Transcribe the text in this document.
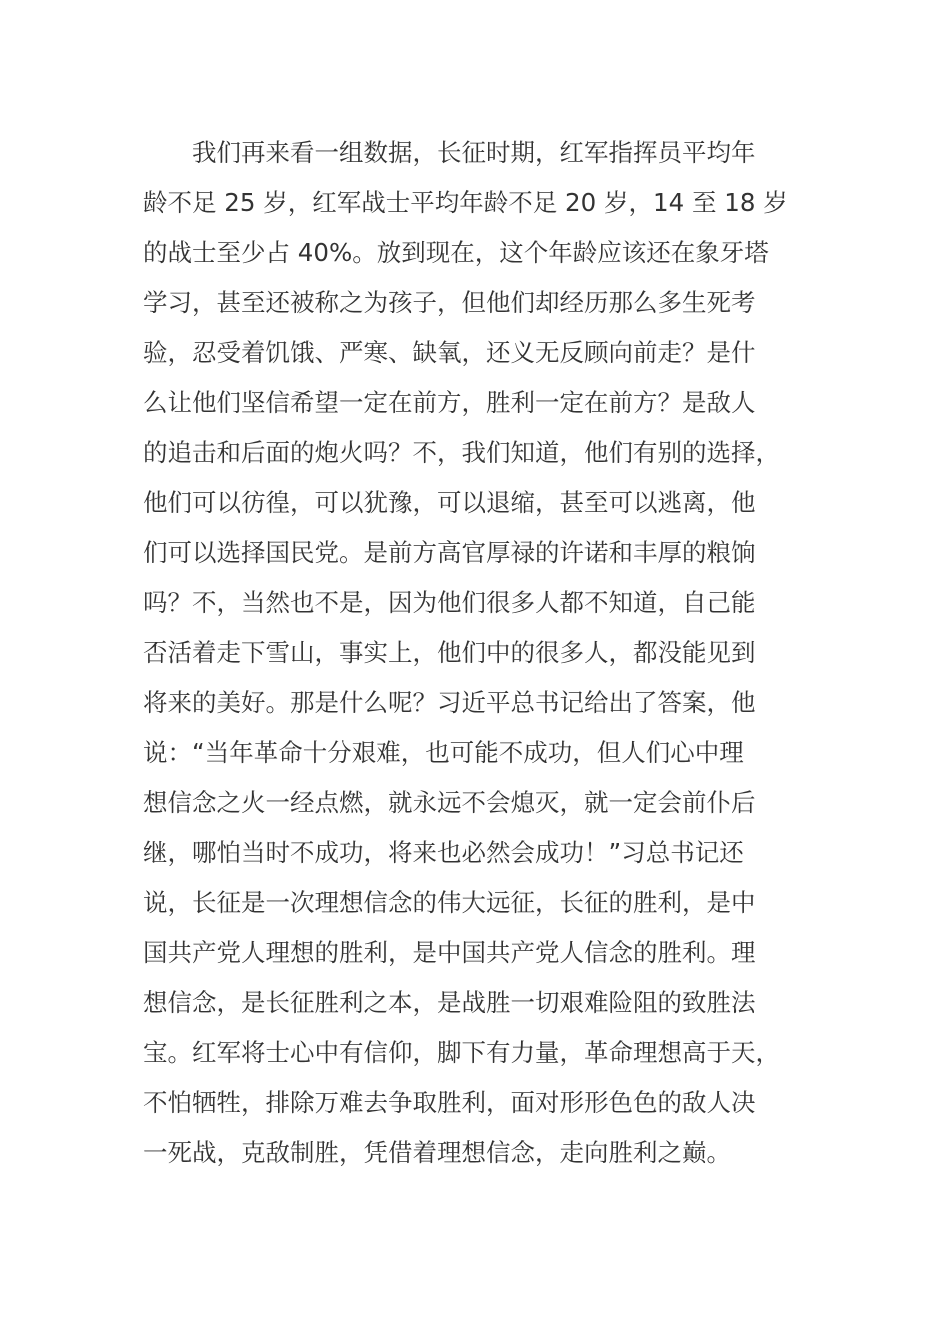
　　我们再来看一组数据，长征时期，红军指挥员平均年
龄不足 25 岁，红军战士平均年龄不足 20 岁，14 至 18 岁
的战士至少占 40%。放到现在，这个年龄应该还在象牙塔
学习，甚至还被称之为孩子，但他们却经历那么多生死考
验，忍受着饥饿、严寒、缺氧，还义无反顾向前走？是什
么让他们坚信希望一定在前方，胜利一定在前方？是敌人
的追击和后面的炮火吗？不，我们知道，他们有别的选择，
他们可以彷徨，可以犹豫，可以退缩，甚至可以逃离，他
们可以选择国民党。是前方高官厚禄的许诺和丰厚的粮饷
吗？不，当然也不是，因为他们很多人都不知道，自己能
否活着走下雪山，事实上，他们中的很多人，都没能见到
将来的美好。那是什么呢？习近平总书记给出了答案，他
说：“当年革命十分艰难，也可能不成功，但人们心中理
想信念之火一经点燃，就永远不会熄灭，就一定会前仆后
继，哪怕当时不成功，将来也必然会成功！”习总书记还
说，长征是一次理想信念的伟大远征，长征的胜利，是中
国共产党人理想的胜利，是中国共产党人信念的胜利。理
想信念，是长征胜利之本，是战胜一切艰难险阻的致胜法
宝。红军将士心中有信仰，脚下有力量，革命理想高于天，
不怕牺牲，排除万难去争取胜利，面对形形色色的敌人决
一死战，克敌制胜，凭借着理想信念，走向胜利之巅。
